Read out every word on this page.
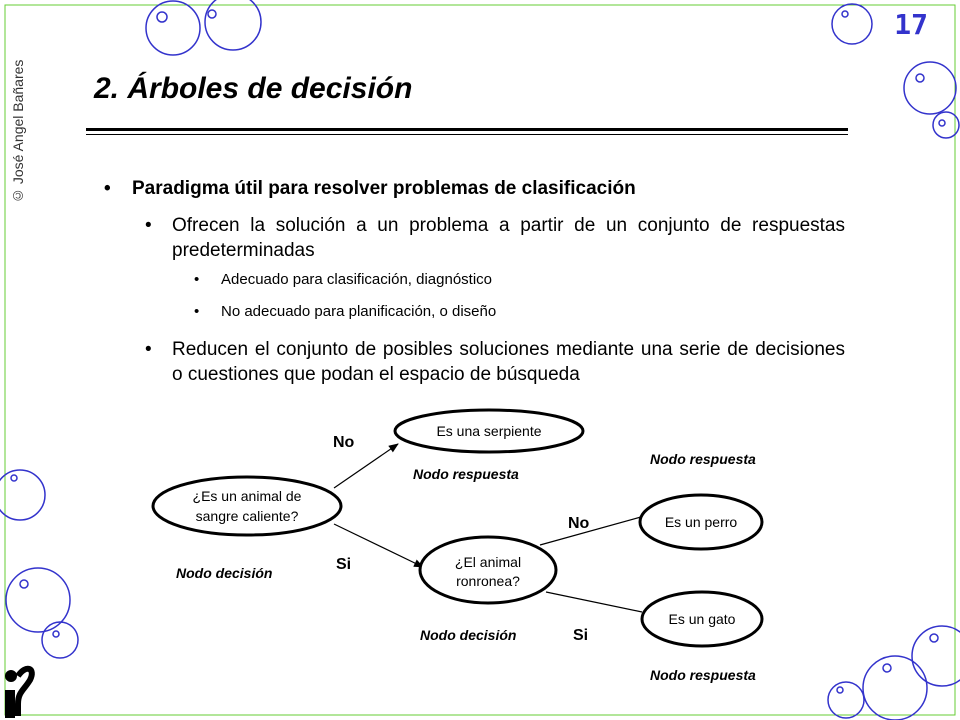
17
© José Angel Bañares 2. Árboles de decisión
• Paradigma útil para resolver problemas de clasificación
• Ofrecen la solución a un problema a partir de un conjunto de respuestas predeterminadas
• Adecuado para clasificación, diagnóstico
• No adecuado para planificación, o diseño
• Reducen el conjunto de posibles soluciones mediante una serie de decisiones o cuestiones que podan el espacio de búsqueda
¿Es un animal de
sangre caliente?
Es una serpiente
¿El animal
ronronea?
Es un perro
Es un gato
No
Si
No
Si
Nodo decisión
Nodo respuesta
Nodo decisión
Nodo respuesta
Nodo respuesta
